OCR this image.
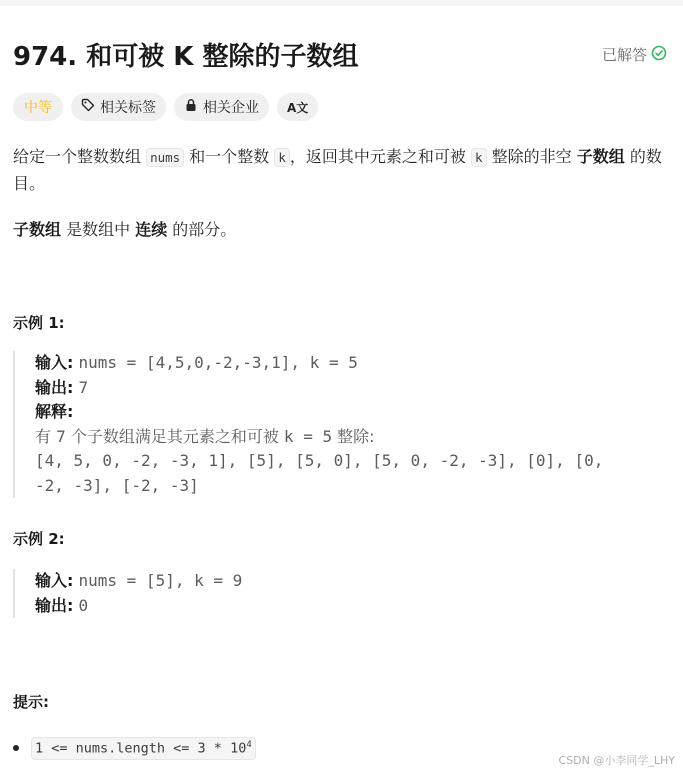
974. 和可被 K 整除的子数组	已解答
中等	相关标签	相关企业 A文
给定一个整数数组 nums 和一个整数 k ，返回其中元素之和可被 k 整除的非空 子数组 的数目。
子数组 是数组中 连续 的部分。
示例 1:
输入: nums = [4,5,0,-2,-3,1], k = 5
输出: 7
解释:
有 7 个子数组满足其元素之和可被 k = 5 整除:
[4, 5, 0, -2, -3, 1], [5], [5, 0], [5, 0, -2, -3], [0], [0,
-2, -3], [-2, -3]
示例 2:
输入: nums = [5], k = 9
输出: 0
提示:
1 <= nums.length <= $3 * 10^4$
CSDN @小李同学_LHY
